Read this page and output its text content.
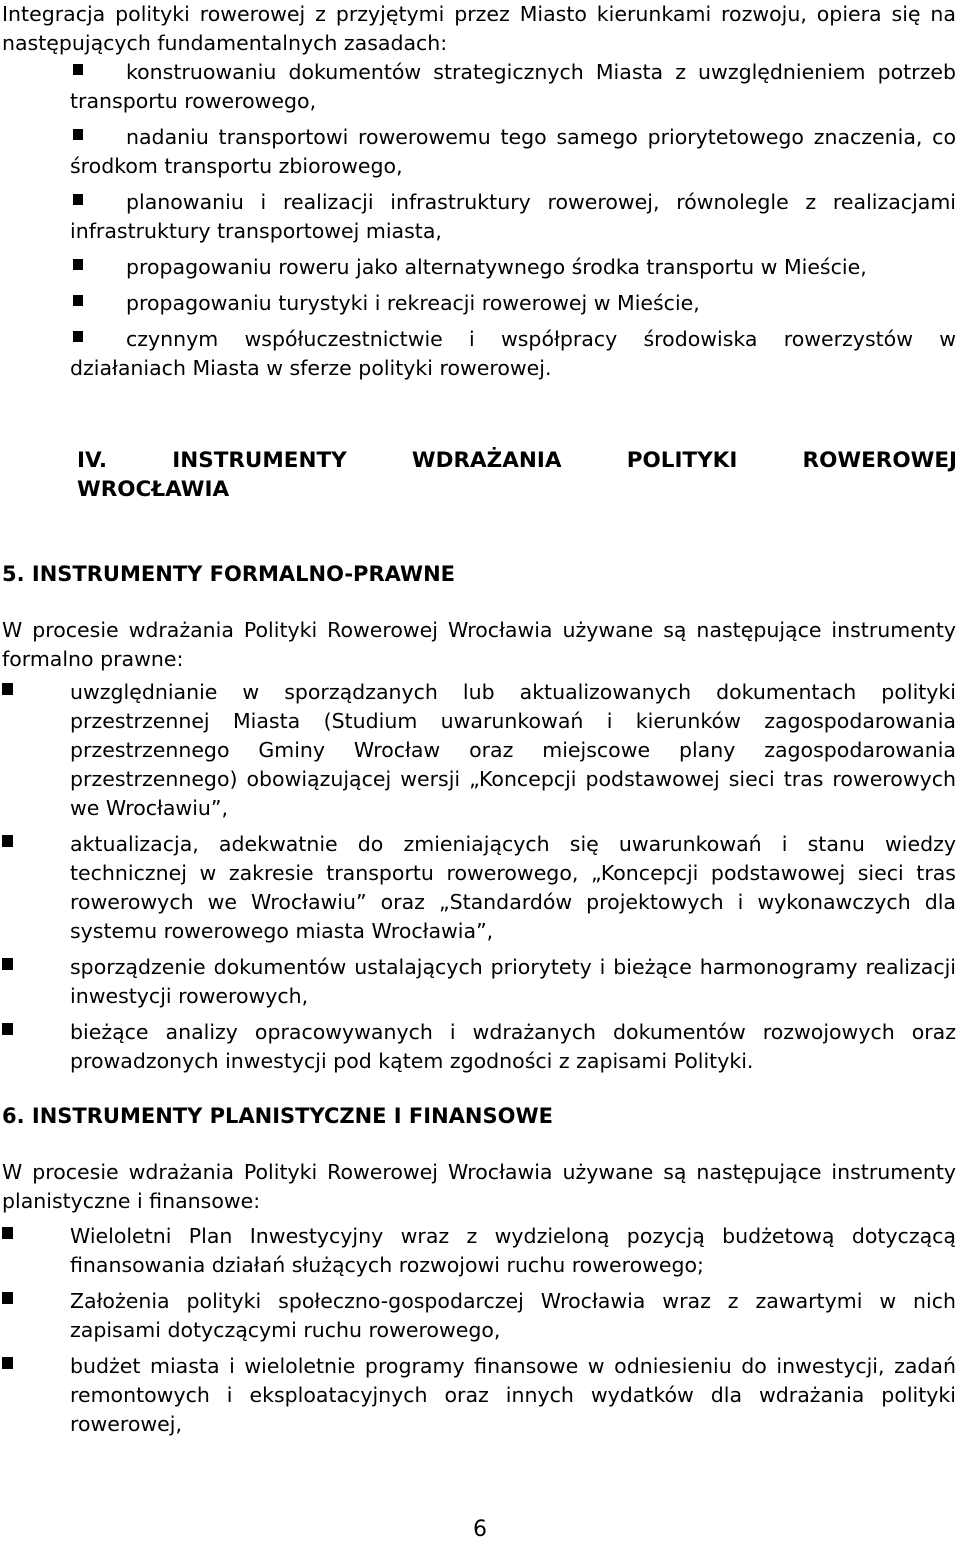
Integracja polityki rowerowej z przyjętymi przez Miasto kierunkami rozwoju, opiera się na następujących fundamentalnych zasadach:
konstruowaniu dokumentów strategicznych Miasta z uwzględnieniem potrzeb transportu rowerowego,
nadaniu transportowi rowerowemu tego samego priorytetowego znaczenia, co środkom transportu zbiorowego,
planowaniu i realizacji infrastruktury rowerowej, równolegle z realizacjami infrastruktury transportowej miasta,
propagowaniu roweru jako alternatywnego środka transportu w Mieście,
propagowaniu turystyki i rekreacji rowerowej w Mieście,
czynnym współuczestnictwie i współpracy środowiska rowerzystów w działaniach Miasta w sferze polityki rowerowej.
IV.	INSTRUMENTY	WDRAŻANIA	POLITYKI	ROWEROWEJ
WROCŁAWIA
5. INSTRUMENTY FORMALNO-PRAWNE
W procesie wdrażania Polityki Rowerowej Wrocławia używane są następujące instrumenty formalno prawne:
uwzględnianie w sporządzanych lub aktualizowanych dokumentach polityki przestrzennej Miasta (Studium uwarunkowań i kierunków zagospodarowania przestrzennego Gminy Wrocław oraz miejscowe plany zagospodarowania przestrzennego) obowiązującej wersji „Koncepcji podstawowej sieci tras rowerowych we Wrocławiu”,
aktualizacja, adekwatnie do zmieniających się uwarunkowań i stanu wiedzy technicznej w zakresie transportu rowerowego, „Koncepcji podstawowej sieci tras rowerowych we Wrocławiu” oraz „Standardów projektowych i wykonawczych dla systemu rowerowego miasta Wrocławia”,
sporządzenie dokumentów ustalających priorytety i bieżące harmonogramy realizacji inwestycji rowerowych,
bieżące analizy opracowywanych i wdrażanych dokumentów rozwojowych oraz prowadzonych inwestycji pod kątem zgodności z zapisami Polityki.
6. INSTRUMENTY PLANISTYCZNE I FINANSOWE
W procesie wdrażania Polityki Rowerowej Wrocławia używane są następujące instrumenty planistyczne i finansowe:
Wieloletni Plan Inwestycyjny wraz z wydzieloną pozycją budżetową dotyczącą finansowania działań służących rozwojowi ruchu rowerowego;
Założenia polityki społeczno-gospodarczej Wrocławia wraz z zawartymi w nich zapisami dotyczącymi ruchu rowerowego,
budżet miasta i wieloletnie programy finansowe w odniesieniu do inwestycji, zadań remontowych i eksploatacyjnych oraz innych wydatków dla wdrażania polityki rowerowej,
6
